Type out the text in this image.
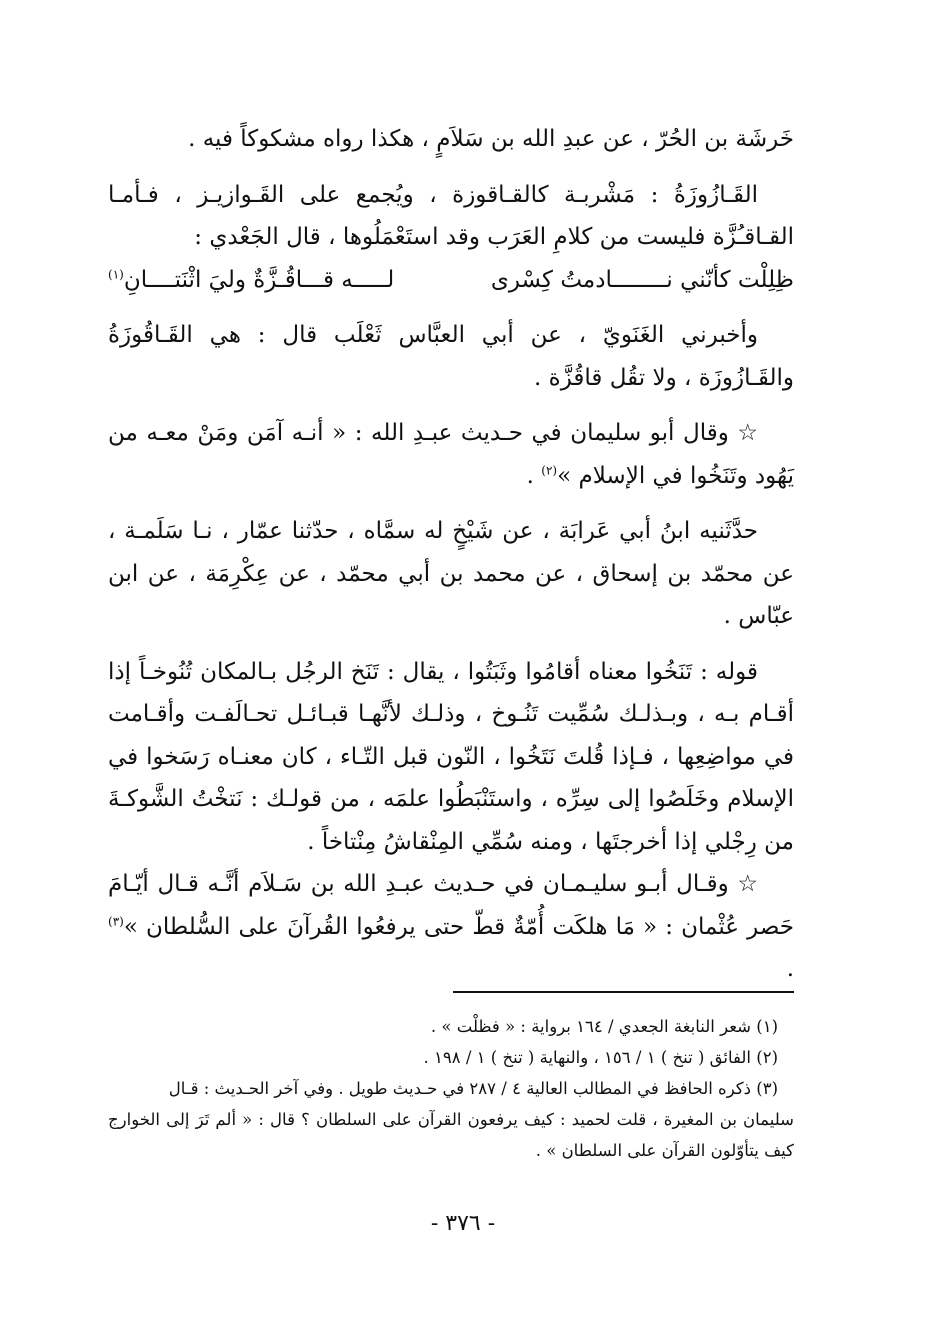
خَرشَة بن الحُرّ ، عن عبدِ الله بن سَلاَمٍ ، هكذا رواه مشكوكاً فيه .

القَـازُوزَةُ : مَشْربـة كالقـاقوزة ، ويُجمع على القَـوازيـز ، فـأمـا القـاقـُزَّة فليست من كلامِ العَرَب وقد استَعْمَلُوها ، قال الجَعْدي :

ظِلِلْت كأنّني نــــــــادمتُ كِسْرى
لـــــه قـــاقُـزَّةٌ وليَ اثْنَتــــانِ$^{(١)}$

وأخبرني الغَنَويّ ، عن أبي العبَّاس ثَعْلَب قال : هي القَـاقُوزَةُ والقَـازُوزَة ، ولا تقُل قاقُزَّة .

☆ وقال أبو سليمان في حـديث عبـدِ الله : « أنـه آمَن ومَنْ معـه من يَهُود وتَنَخُوا في الإسلام »$^{(٢)}$ .

حدَّثَنيه ابنُ أبي عَرابَة ، عن شَيْخٍ له سمَّاه ، حدّثنا عمّار ، نـا سَلَمـة ، عن محمّد بن إسحاق ، عن محمد بن أبي محمّد ، عن عِكْرِمَة ، عن ابن عبّاس .

قوله : تَنَخُوا معناه أقامُوا وثَبَتُوا ، يقال : تَنَخ الرجُل بـالمكان تُنُوخـاً إذا أقـام بـه ، وبـذلـك سُمِّيت تَنُـوخ ، وذلـك لأنَّهـا قبـائـل تحـالَفـت وأقـامت في مواضِعِها ، فـإذا قُلتَ نَتَخُوا ، النّون قبل التّـاء ، كان معنـاه رَسَخوا في الإسلام وخَلَصُوا إلى سِرِّه ، واستَنْبَطُوا علمَه ، من قولـك : نَتخْتُ الشَّوكـةَ من رِجْلي إذا أخرجتَها ، ومنه سُمِّي المِنْقاشُ مِنْتاخاً .

☆ وقـال أبـو سليـمـان في حـديث عبـدِ الله بن سَـلاَم أنَّـه قـال أيّـامَ حَصر عُثْمان : « مَا هلكَت أُمّةٌ قطّ حتى يرفعُوا القُرآنَ على السُّلطان »$^{(٣)}$ .

(١) شعر النابغة الجعدي / ١٦٤ برواية : « فظلْت » .

(٢) الفائق ( تنخ ) ١ / ١٥٦ ، والنهاية ( تنخ ) ١ / ١٩٨ .

(٣) ذكره الحافظ في المطالب العالية ٤ / ٢٨٧ في حـديث طويل . وفي آخر الحـديث : قـال

سليمان بن المغيرة ، قلت لحميد : كيف يرفعون القرآن على السلطان ؟ قال : « ألم تَرَ إلى الخوارج كيف يتأوّلون القرآن على السلطان » .

- ٣٧٦ -
